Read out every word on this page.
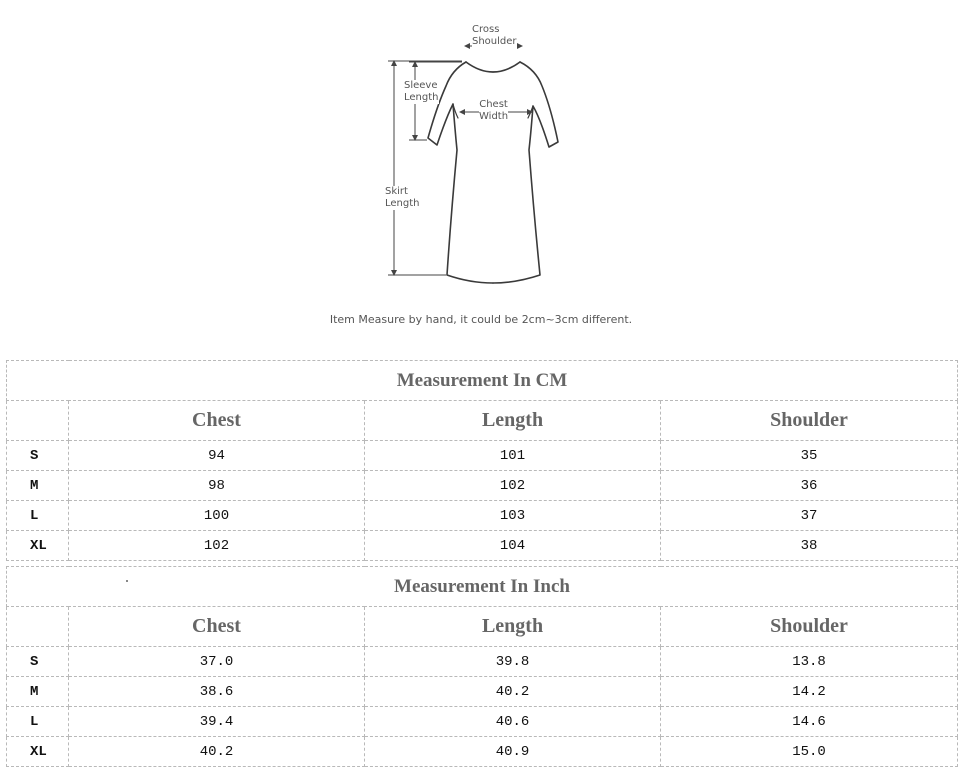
Cross
Shoulder
Sleeve
Length
Chest
Width
Skirt
Length
Item Measure by hand, it could be 2cm~3cm different.
Measurement In CM			
	Chest	Length	Shoulder
S	94	101	35
M	98	102	36
L	100	103	37
XL	102	104	38
Measurement In Inch			
	Chest	Length	Shoulder
S	37.0	39.8	13.8
M	38.6	40.2	14.2
L	39.4	40.6	14.6
XL	40.2	40.9	15.0
